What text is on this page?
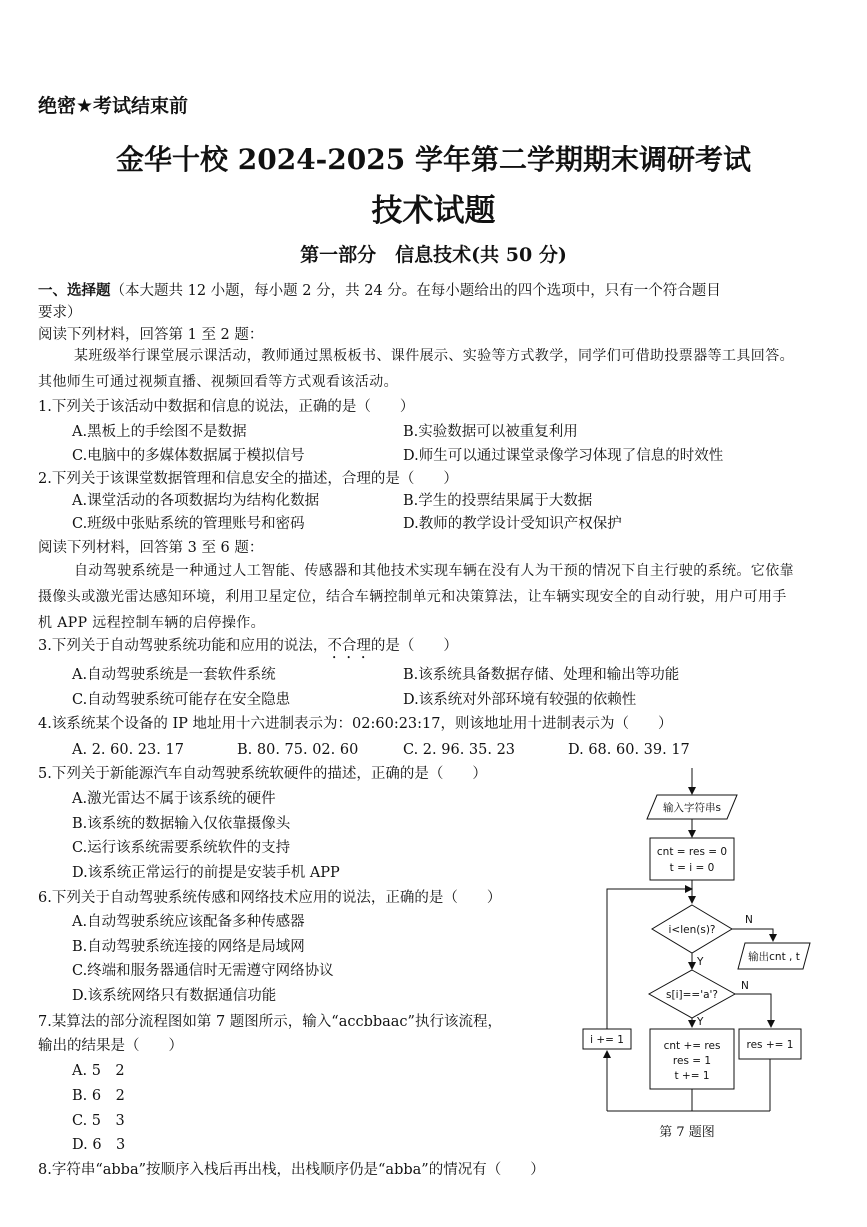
绝密★考试结束前
金华十校 2024-2025 学年第二学期期末调研考试
技术试题
第一部分　信息技术(共 50 分)
一、选择题（本大题共 12 小题，每小题 2 分，共 24 分。在每小题给出的四个选项中，只有一个符合题目
要求）
阅读下列材料，回答第 1 至 2 题：
某班级举行课堂展示课活动，教师通过黑板板书、课件展示、实验等方式教学，同学们可借助投票器等工具回答。其他师生可通过视频直播、视频回看等方式观看该活动。
1.下列关于该活动中数据和信息的说法，正确的是（　　）
A.黑板上的手绘图不是数据	B.实验数据可以被重复利用
C.电脑中的多媒体数据属于模拟信号	D.师生可以通过课堂录像学习体现了信息的时效性
2.下列关于该课堂数据管理和信息安全的描述，合理的是（　　）
A.课堂活动的各项数据均为结构化数据	B.学生的投票结果属于大数据
C.班级中张贴系统的管理账号和密码	D.教师的教学设计受知识产权保护
阅读下列材料，回答第 3 至 6 题：
自动驾驶系统是一种通过人工智能、传感器和其他技术实现车辆在没有人为干预的情况下自主行驶的系统。它依靠摄像头或激光雷达感知环境，利用卫星定位，结合车辆控制单元和决策算法，让车辆实现安全的自动行驶，用户可用手机 APP 远程控制车辆的启停操作。
3.下列关于自动驾驶系统功能和应用的说法，不合理的是（　　）
A.自动驾驶系统是一套软件系统	B.该系统具备数据存储、处理和输出等功能
C.自动驾驶系统可能存在安全隐患	D.该系统对外部环境有较强的依赖性
4.该系统某个设备的 IP 地址用十六进制表示为：02:60:23:17，则该地址用十进制表示为（　　）
A. 2. 60. 23. 17	B. 80. 75. 02. 60	C. 2. 96. 35. 23	D. 68. 60. 39. 17
5.下列关于新能源汽车自动驾驶系统软硬件的描述，正确的是（　　）
A.激光雷达不属于该系统的硬件
B.该系统的数据输入仅依靠摄像头
C.运行该系统需要系统软件的支持
D.该系统正常运行的前提是安装手机 APP
6.下列关于自动驾驶系统传感和网络技术应用的说法，正确的是（　　）
A.自动驾驶系统应该配备多种传感器
B.自动驾驶系统连接的网络是局域网
C.终端和服务器通信时无需遵守网络协议
D.该系统网络只有数据通信功能
7.某算法的部分流程图如第 7 题图所示，输入“accbbaac”执行该流程，
输出的结果是（　　）
A. 5　2
B. 6　2
C. 5　3
D. 6　3
8.字符串“abba”按顺序入栈后再出栈，出栈顺序仍是“abba”的情况有（　　）
输入字符串s
cnt = res = 0
t = i = 0
i<len(s)?
N
输出cnt , t
Y
s[i]=='a'?
N
res += 1
Y
cnt += res
res = 1
t += 1
i += 1
第 7 题图
